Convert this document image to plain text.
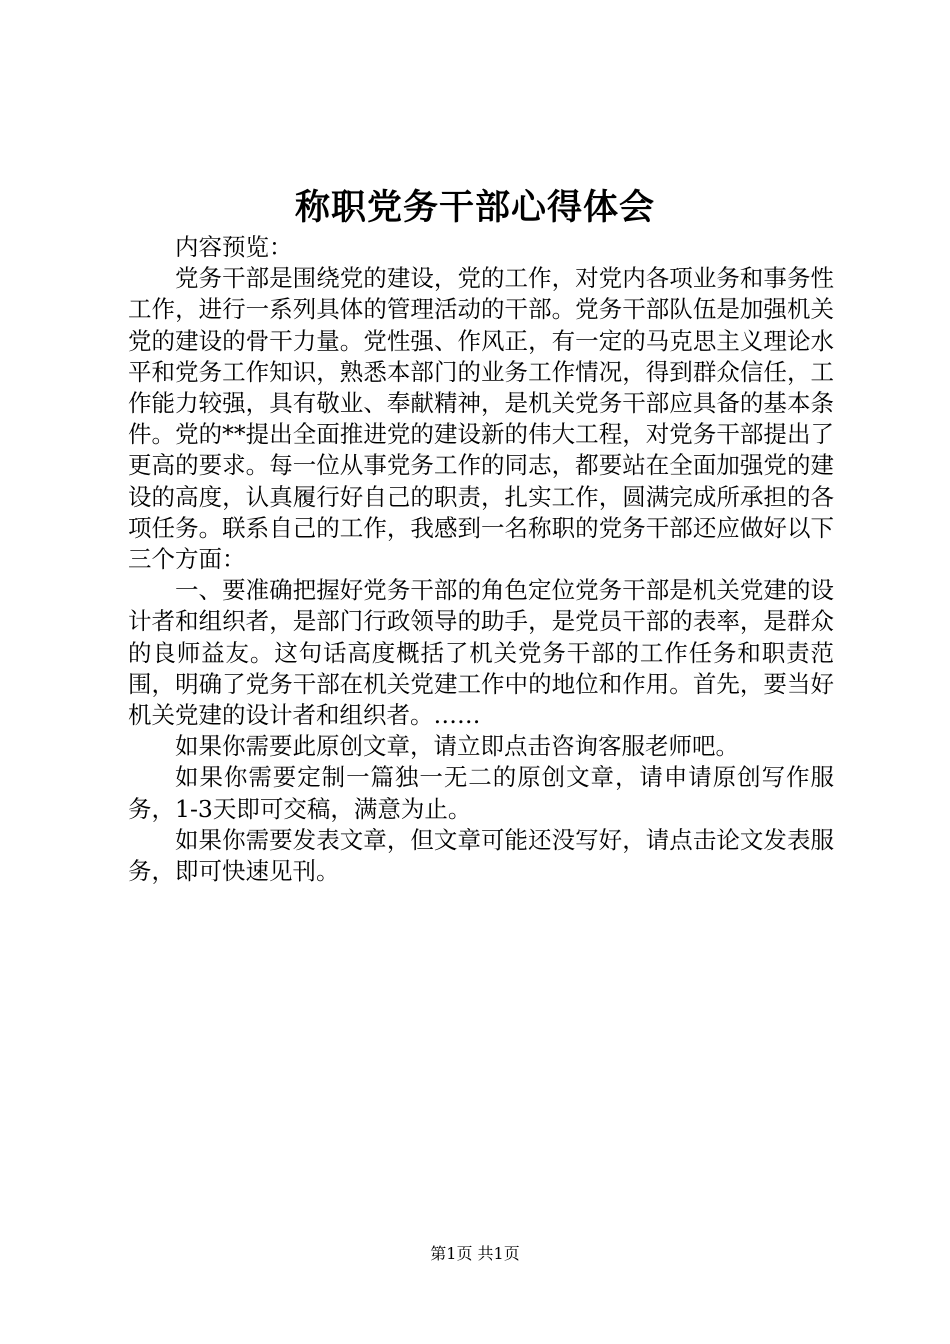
称职党务干部心得体会

内容预览：

党务干部是围绕党的建设，党的工作，对党内各项业务和事务性工作，进行一系列具体的管理活动的干部。党务干部队伍是加强机关党的建设的骨干力量。党性强、作风正，有一定的马克思主义理论水平和党务工作知识，熟悉本部门的业务工作情况，得到群众信任，工作能力较强，具有敬业、奉献精神，是机关党务干部应具备的基本条件。党的**提出全面推进党的建设新的伟大工程，对党务干部提出了更高的要求。每一位从事党务工作的同志，都要站在全面加强党的建设的高度，认真履行好自己的职责，扎实工作，圆满完成所承担的各项任务。联系自己的工作，我感到一名称职的党务干部还应做好以下三个方面：

一、要准确把握好党务干部的角色定位党务干部是机关党建的设计者和组织者，是部门行政领导的助手，是党员干部的表率，是群众的良师益友。这句话高度概括了机关党务干部的工作任务和职责范围，明确了党务干部在机关党建工作中的地位和作用。首先，要当好机关党建的设计者和组织者。……

如果你需要此原创文章，请立即点击咨询客服老师吧。

如果你需要定制一篇独一无二的原创文章，请申请原创写作服务，1-3天即可交稿，满意为止。

如果你需要发表文章，但文章可能还没写好，请点击论文发表服务，即可快速见刊。

第1页 共1页
